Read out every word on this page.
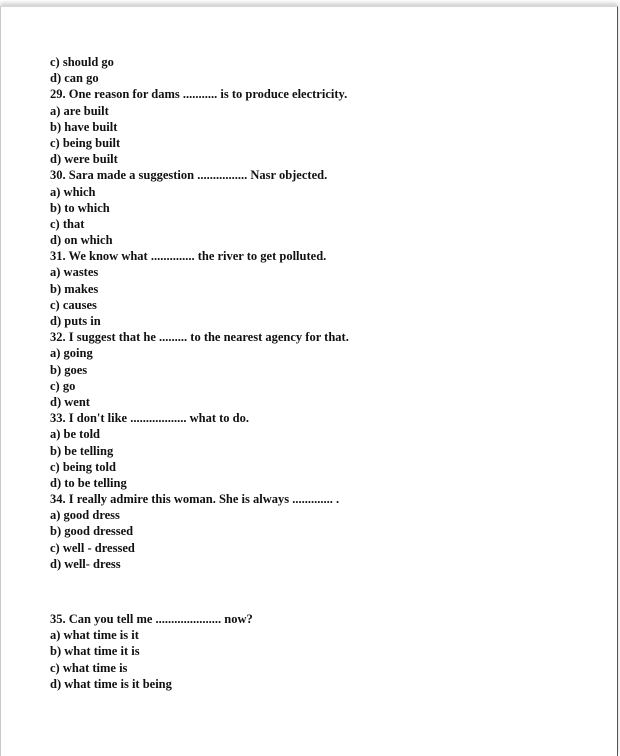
c) should go
d) can go
29. One reason for dams ........... is to produce electricity.
a) are built
b) have built
c) being built
d) were built
30. Sara made a suggestion ................ Nasr objected.
a) which
b) to which
c) that
d) on which
31. We know what .............. the river to get polluted.
a) wastes
b) makes
c) causes
d) puts in
32. I suggest that he ......... to the nearest agency for that.
a) going
b) goes
c) go
d) went
33. I don't like .................. what to do.
a) be told
b) be telling
c) being told
d) to be telling
34. I really admire this woman. She is always ............. .
a) good dress
b) good dressed
c) well - dressed
d) well- dress
35. Can you tell me ..................... now?
a) what time is it
b) what time it is
c) what time is
d) what time is it being
